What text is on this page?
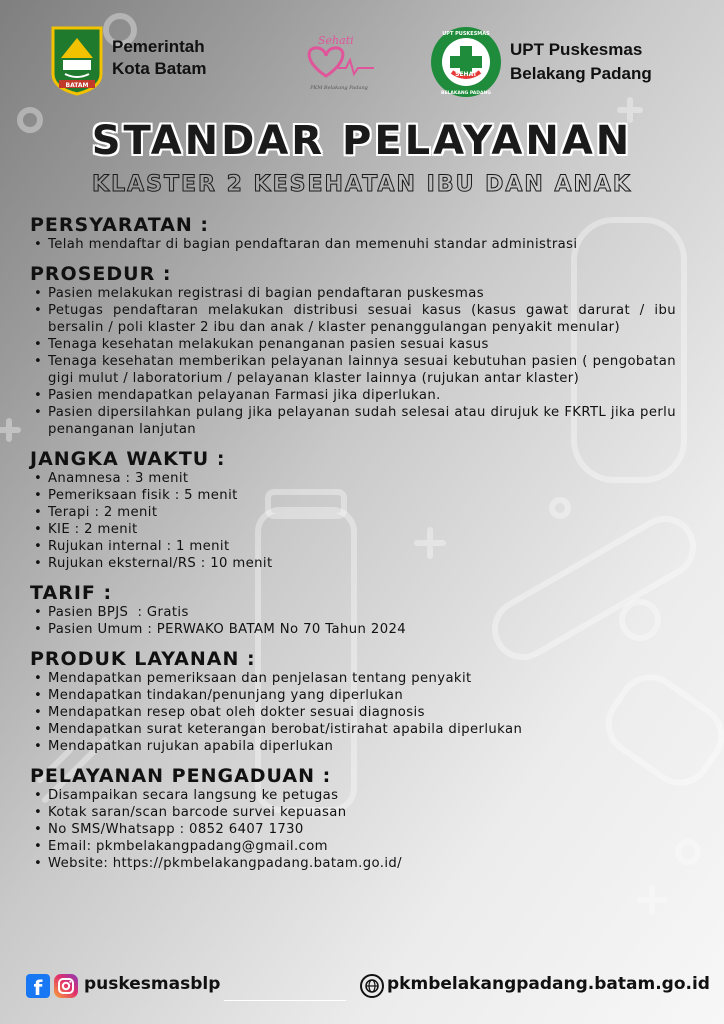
BATAM
Pemerintah
Kota Batam
Sehati
PKM Belakang Padang
SEHAT
UPT PUSKESMAS
BELAKANG PADANG
UPT Puskesmas
Belakang Padang
STANDAR PELAYANAN
KLASTER 2 KESEHATAN IBU DAN ANAK
PERSYARATAN :
• Telah mendaftar di bagian pendaftaran dan memenuhi standar administrasi
PROSEDUR :
• Pasien melakukan registrasi di bagian pendaftaran puskesmas
• Petugas pendaftaran melakukan distribusi sesuai kasus (kasus gawat darurat / ibu bersalin / poli klaster 2 ibu dan anak / klaster penanggulangan penyakit menular)
• Tenaga kesehatan melakukan penanganan pasien sesuai kasus
• Tenaga kesehatan memberikan pelayanan lainnya sesuai kebutuhan pasien ( pengobatan gigi mulut / laboratorium / pelayanan klaster lainnya (rujukan antar klaster)
• Pasien mendapatkan pelayanan Farmasi jika diperlukan.
• Pasien dipersilahkan pulang jika pelayanan sudah selesai atau dirujuk ke FKRTL jika perlu penanganan lanjutan
JANGKA WAKTU :
• Anamnesa : 3 menit
• Pemeriksaan fisik : 5 menit
• Terapi : 2 menit
• KIE : 2 menit
• Rujukan internal : 1 menit
• Rujukan eksternal/RS : 10 menit
TARIF :
• Pasien BPJS  : Gratis
• Pasien Umum : PERWAKO BATAM No 70 Tahun 2024
PRODUK LAYANAN :
• Mendapatkan pemeriksaan dan penjelasan tentang penyakit
• Mendapatkan tindakan/penunjang yang diperlukan
• Mendapatkan resep obat oleh dokter sesuai diagnosis
• Mendapatkan surat keterangan berobat/istirahat apabila diperlukan
• Mendapatkan rujukan apabila diperlukan
PELAYANAN PENGADUAN :
• Disampaikan secara langsung ke petugas
• Kotak saran/scan barcode survei kepuasan
• No SMS/Whatsapp : 0852 6407 1730
• Email: pkmbelakangpadang@gmail.com
• Website: https://pkmbelakangpadang.batam.go.id/
f	puskesmasblp	pkmbelakangpadang.batam.go.id
